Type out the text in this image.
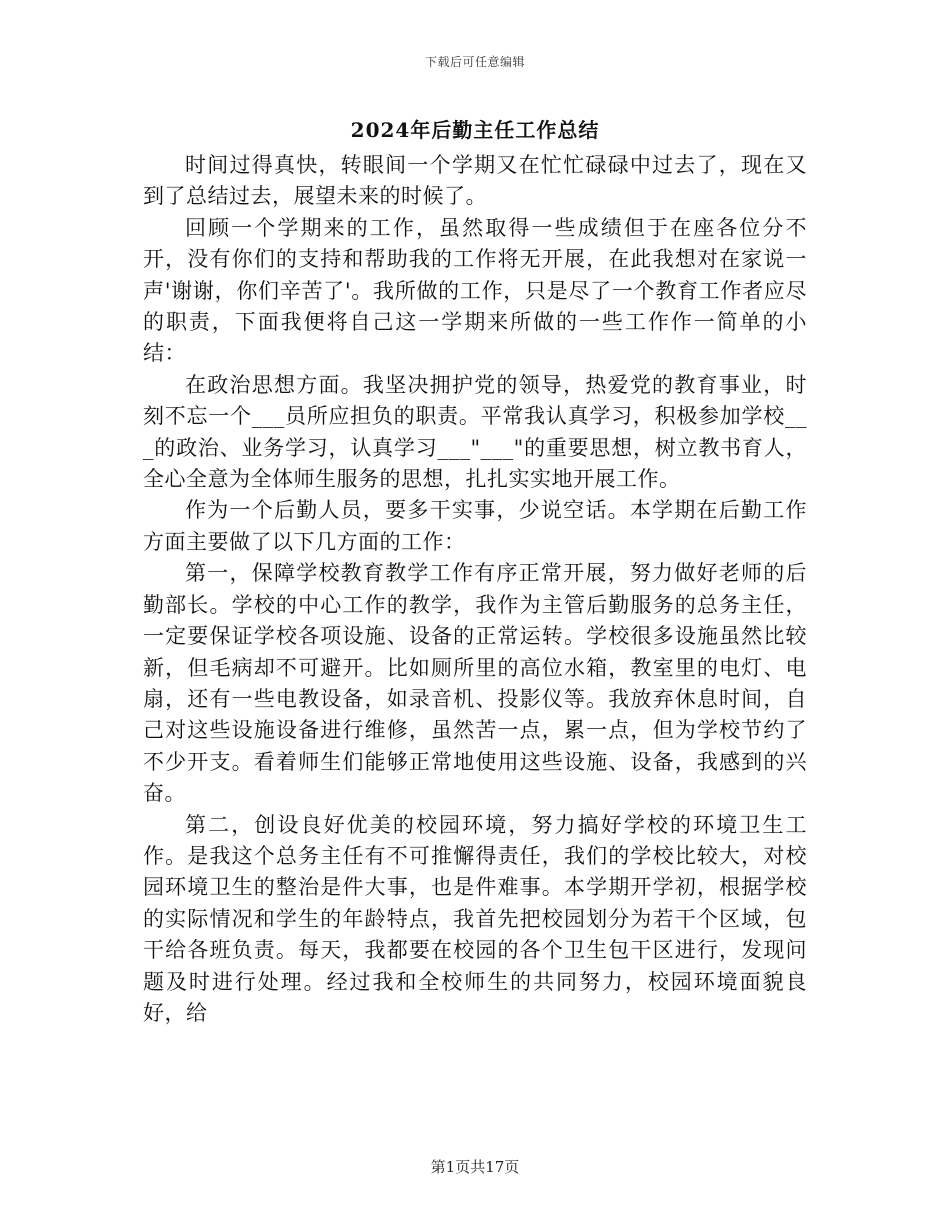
下载后可任意编辑
2024年后勤主任工作总结

时间过得真快，转眼间一个学期又在忙忙碌碌中过去了，现在又到了总结过去，展望未来的时候了。

回顾一个学期来的工作，虽然取得一些成绩但于在座各位分不开，没有你们的支持和帮助我的工作将无开展，在此我想对在家说一声'谢谢，你们辛苦了'。我所做的工作，只是尽了一个教育工作者应尽的职责，下面我便将自己这一学期来所做的一些工作作一简单的小结：

在政治思想方面。我坚决拥护党的领导，热爱党的教育事业，时刻不忘一个___员所应担负的职责。平常我认真学习，积极参加学校___的政治、业务学习，认真学习___"___"的重要思想，树立教书育人，全心全意为全体师生服务的思想，扎扎实实地开展工作。

作为一个后勤人员，要多干实事，少说空话。本学期在后勤工作方面主要做了以下几方面的工作：

第一，保障学校教育教学工作有序正常开展，努力做好老师的后勤部长。学校的中心工作的教学，我作为主管后勤服务的总务主任，一定要保证学校各项设施、设备的正常运转。学校很多设施虽然比较新，但毛病却不可避开。比如厕所里的高位水箱，教室里的电灯、电扇，还有一些电教设备，如录音机、投影仪等。我放弃休息时间，自己对这些设施设备进行维修，虽然苦一点，累一点，但为学校节约了不少开支。看着师生们能够正常地使用这些设施、设备，我感到的兴奋。

第二，创设良好优美的校园环境，努力搞好学校的环境卫生工作。是我这个总务主任有不可推懈得责任，我们的学校比较大，对校园环境卫生的整治是件大事，也是件难事。本学期开学初，根据学校的实际情况和学生的年龄特点，我首先把校园划分为若干个区域，包干给各班负责。每天，我都要在校园的各个卫生包干区进行，发现问题及时进行处理。经过我和全校师生的共同努力，校园环境面貌良好，给

第1页共17页
